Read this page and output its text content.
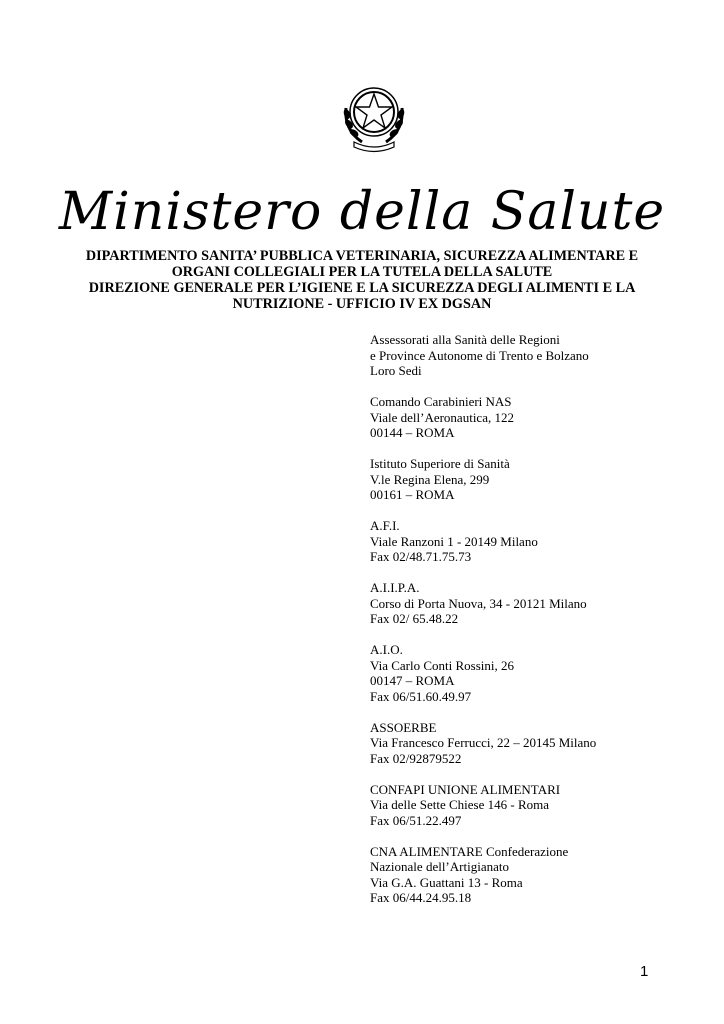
Ministero della Salute
DIPARTIMENTO SANITA’ PUBBLICA VETERINARIA, SICUREZZA ALIMENTARE E
ORGANI COLLEGIALI PER LA TUTELA DELLA SALUTE
DIREZIONE GENERALE PER L’IGIENE E LA SICUREZZA DEGLI ALIMENTI E LA
NUTRIZIONE - UFFICIO IV EX DGSAN
Assessorati alla Sanità delle Regioni
e Province Autonome di Trento e Bolzano
Loro Sedi
Comando Carabinieri NAS
Viale dell’Aeronautica, 122
00144 – ROMA
Istituto Superiore di Sanità
V.le Regina Elena, 299
00161 – ROMA
A.F.I.
Viale Ranzoni 1 - 20149 Milano
Fax 02/48.71.75.73
A.I.I.P.A.
Corso di Porta Nuova, 34 - 20121 Milano
Fax 02/ 65.48.22
A.I.O.
Via Carlo Conti Rossini, 26
00147 – ROMA
Fax 06/51.60.49.97
ASSOERBE
Via Francesco Ferrucci, 22 – 20145 Milano
Fax 02/92879522
CONFAPI UNIONE ALIMENTARI
Via delle Sette Chiese 146 - Roma
Fax 06/51.22.497
CNA ALIMENTARE Confederazione
Nazionale dell’Artigianato
Via G.A. Guattani 13 - Roma
Fax 06/44.24.95.18
1
